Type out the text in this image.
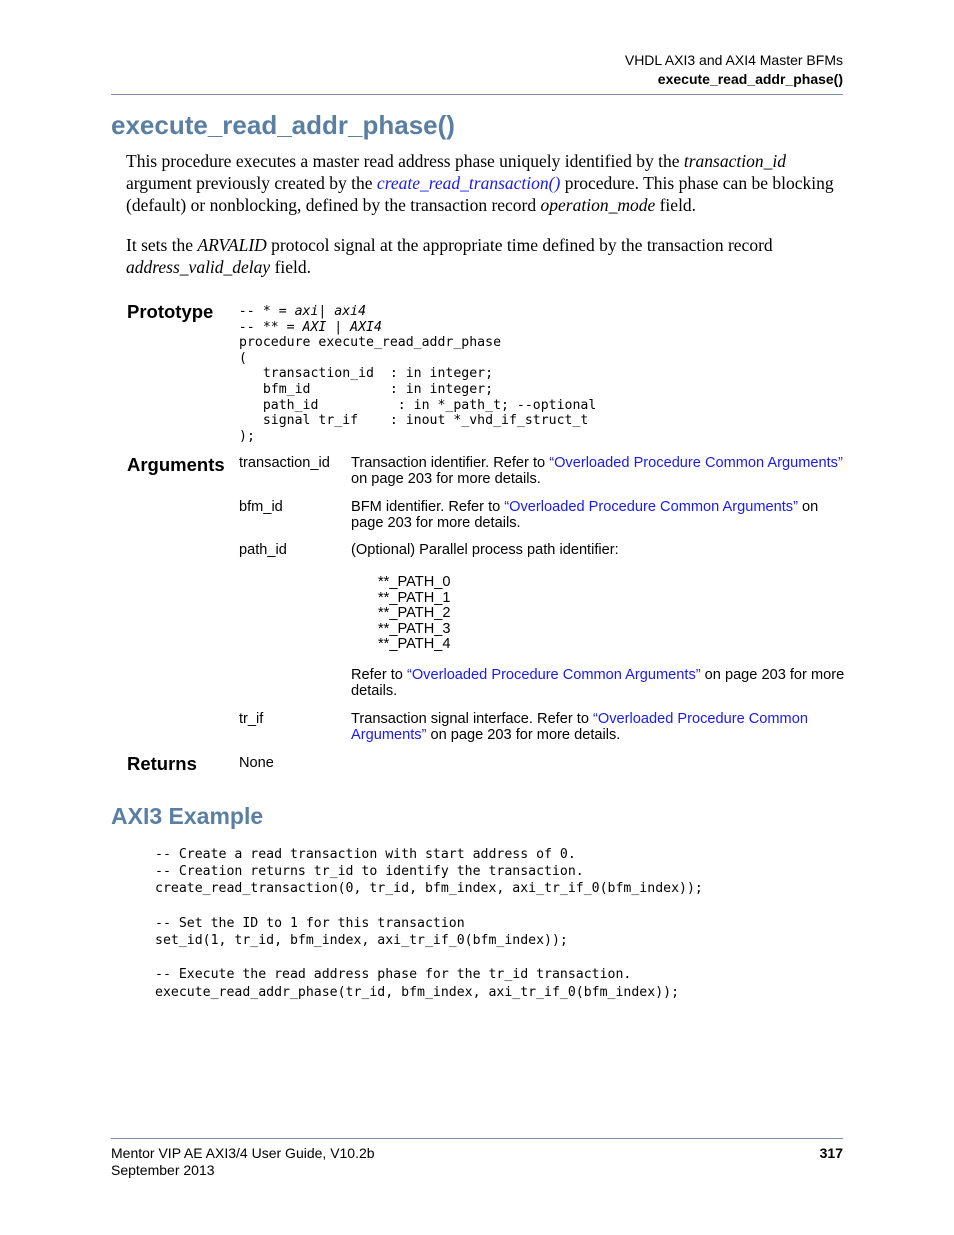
VHDL AXI3 and AXI4 Master BFMs
execute_read_addr_phase()
execute_read_addr_phase()
This procedure executes a master read address phase uniquely identified by the transaction_id argument previously created by the create_read_transaction() procedure. This phase can be blocking (default) or nonblocking, defined by the transaction record operation_mode field.
It sets the ARVALID protocol signal at the appropriate time defined by the transaction record address_valid_delay field.
Prototype -- * = axi| axi4
-- ** = AXI | AXI4
procedure execute_read_addr_phase
(
transaction_id  : in integer;
bfm_id          : in integer;
path_id          : in *_path_t; --optional
signal tr_if    : inout *_vhd_if_struct_t
);
Arguments transaction_id Transaction identifier. Refer to “Overloaded Procedure Common Arguments” on page 203 for more details.
bfm_id	BFM identifier. Refer to “Overloaded Procedure Common Arguments” on page 203 for more details.
path_id	(Optional) Parallel process path identifier:
**_PATH_0
**_PATH_1
**_PATH_2
**_PATH_3
**_PATH_4
Refer to “Overloaded Procedure Common Arguments” on page 203 for more details.
tr_if	Transaction signal interface. Refer to “Overloaded Procedure Common Arguments” on page 203 for more details.
Returns	None
AXI3 Example
-- Create a read transaction with start address of 0.
-- Creation returns tr_id to identify the transaction.
create_read_transaction(0, tr_id, bfm_index, axi_tr_if_0(bfm_index));
-- Set the ID to 1 for this transaction
set_id(1, tr_id, bfm_index, axi_tr_if_0(bfm_index));
-- Execute the read address phase for the tr_id transaction.
execute_read_addr_phase(tr_id, bfm_index, axi_tr_if_0(bfm_index));
Mentor VIP AE AXI3/4 User Guide, V10.2b
September 2013
317
